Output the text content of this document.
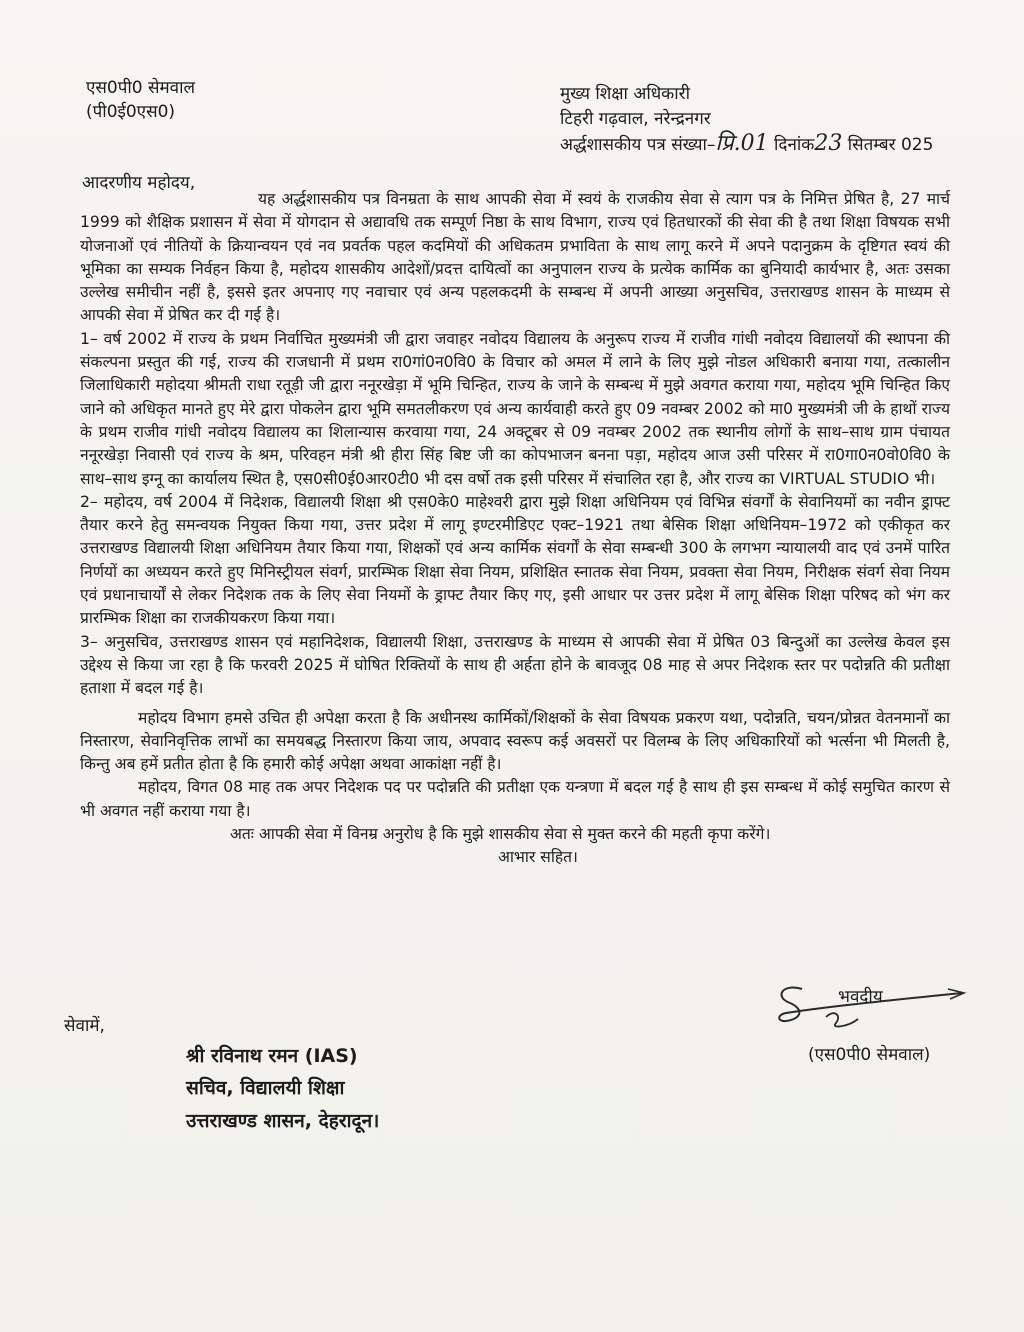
एस0पी0 सेमवाल
(पी0ई0एस0)
मुख्य शिक्षा अधिकारी
टिहरी गढ़वाल, नरेन्द्रनगर
अर्द्धशासकीय पत्र संख्या–प्रि.01 दिनांक23 सितम्बर 025
आदरणीय महोदय,

यह अर्द्धशासकीय पत्र विनम्रता के साथ आपकी सेवा में स्वयं के राजकीय सेवा से त्याग पत्र के निमित्त प्रेषित है, 27 मार्च 1999 को शैक्षिक प्रशासन में सेवा में योगदान से अद्यावधि तक सम्पूर्ण निष्ठा के साथ विभाग, राज्य एवं हितधारकों की सेवा की है तथा शिक्षा विषयक सभी योजनाओं एवं नीतियों के क्रियान्वयन एवं नव प्रवर्तक पहल कदमियों की अधिकतम प्रभाविता के साथ लागू करने में अपने पदानुक्रम के दृष्टिगत स्वयं की भूमिका का सम्यक निर्वहन किया है, महोदय शासकीय आदेशों/प्रदत्त दायित्वों का अनुपालन राज्य के प्रत्येक कार्मिक का बुनियादी कार्यभार है, अतः उसका उल्लेख समीचीन नहीं है, इससे इतर अपनाए गए नवाचार एवं अन्य पहलकदमी के सम्बन्ध में अपनी आख्या अनुसचिव, उत्तराखण्ड शासन के माध्यम से आपकी सेवा में प्रेषित कर दी गई है।

1– वर्ष 2002 में राज्य के प्रथम निर्वाचित मुख्यमंत्री जी द्वारा जवाहर नवोदय विद्यालय के अनुरूप राज्य में राजीव गांधी नवोदय विद्यालयों की स्थापना की संकल्पना प्रस्तुत की गई, राज्य की राजधानी में प्रथम रा0गां0न0वि0 के विचार को अमल में लाने के लिए मुझे नोडल अधिकारी बनाया गया, तत्कालीन जिलाधिकारी महोदया श्रीमती राधा रतूड़ी जी द्वारा ननूरखेड़ा में भूमि चिन्हित, राज्य के जाने के सम्बन्ध में मुझे अवगत कराया गया, महोदय भूमि चिन्हित किए जाने को अधिकृत मानते हुए मेरे द्वारा पोकलेन द्वारा भूमि समतलीकरण एवं अन्य कार्यवाही करते हुए 09 नवम्बर 2002 को मा0 मुख्यमंत्री जी के हाथों राज्य के प्रथम राजीव गांधी नवोदय विद्यालय का शिलान्यास करवाया गया, 24 अक्टूबर से 09 नवम्बर 2002 तक स्थानीय लोगों के साथ–साथ ग्राम पंचायत ननूरखेड़ा निवासी एवं राज्य के श्रम, परिवहन मंत्री श्री हीरा सिंह बिष्ट जी का कोपभाजन बनना पड़ा, महोदय आज उसी परिसर में रा0गा0न0वो0वि0 के साथ–साथ इग्नू का कार्यालय स्थित है, एस0सी0ई0आर0टी0 भी दस वर्षो तक इसी परिसर में संचालित रहा है, और राज्य का VIRTUAL STUDIO भी।

2– महोदय, वर्ष 2004 में निदेशक, विद्यालयी शिक्षा श्री एस0के0 माहेश्वरी द्वारा मुझे शिक्षा अधिनियम एवं विभिन्न संवर्गों के सेवानियमों का नवीन ड्राफ्ट तैयार करने हेतु समन्वयक नियुक्त किया गया, उत्तर प्रदेश में लागू इण्टरमीडिएट एक्ट–1921 तथा बेसिक शिक्षा अधिनियम–1972 को एकीकृत कर उत्तराखण्ड विद्यालयी शिक्षा अधिनियम तैयार किया गया, शिक्षकों एवं अन्य कार्मिक संवर्गों के सेवा सम्बन्धी 300 के लगभग न्यायालयी वाद एवं उनमें पारित निर्णयों का अध्ययन करते हुए मिनिस्ट्रीयल संवर्ग, प्रारम्भिक शिक्षा सेवा नियम, प्रशिक्षित स्नातक सेवा नियम, प्रवक्ता सेवा नियम, निरीक्षक संवर्ग सेवा नियम एवं प्रधानाचार्यों से लेकर निदेशक तक के लिए सेवा नियमों के ड्राफ्ट तैयार किए गए, इसी आधार पर उत्तर प्रदेश में लागू बेसिक शिक्षा परिषद को भंग कर प्रारम्भिक शिक्षा का राजकीयकरण किया गया।

3– अनुसचिव, उत्तराखण्ड शासन एवं महानिदेशक, विद्यालयी शिक्षा, उत्तराखण्ड के माध्यम से आपकी सेवा में प्रेषित 03 बिन्दुओं का उल्लेख केवल इस उद्देश्य से किया जा रहा है कि फरवरी 2025 में घोषित रिक्तियों के साथ ही अर्हता होने के बावजूद 08 माह से अपर निदेशक स्तर पर पदोन्नति की प्रतीक्षा हताशा में बदल गई है।

महोदय विभाग हमसे उचित ही अपेक्षा करता है कि अधीनस्थ कार्मिकों/शिक्षकों के सेवा विषयक प्रकरण यथा, पदोन्नति, चयन/प्रोन्नत वेतनमानों का निस्तारण, सेवानिवृत्तिक लाभों का समयबद्ध निस्तारण किया जाय, अपवाद स्वरूप कई अवसरों पर विलम्ब के लिए अधिकारियों को भर्त्सना भी मिलती है, किन्तु अब हमें प्रतीत होता है कि हमारी कोई अपेक्षा अथवा आकांक्षा नहीं है।

महोदय, विगत 08 माह तक अपर निदेशक पद पर पदोन्नति की प्रतीक्षा एक यन्त्रणा में बदल गई है साथ ही इस सम्बन्ध में कोई समुचित कारण से भी अवगत नहीं कराया गया है।

अतः आपकी सेवा में विनम्र अनुरोध है कि मुझे शासकीय सेवा से मुक्त करने की महती कृपा करेंगे।

आभार सहित।

भवदीय
(एस0पी0 सेमवाल)
सेवामें,
श्री रविनाथ रमन (IAS)
सचिव, विद्यालयी शिक्षा
उत्तराखण्ड शासन, देहरादून।
